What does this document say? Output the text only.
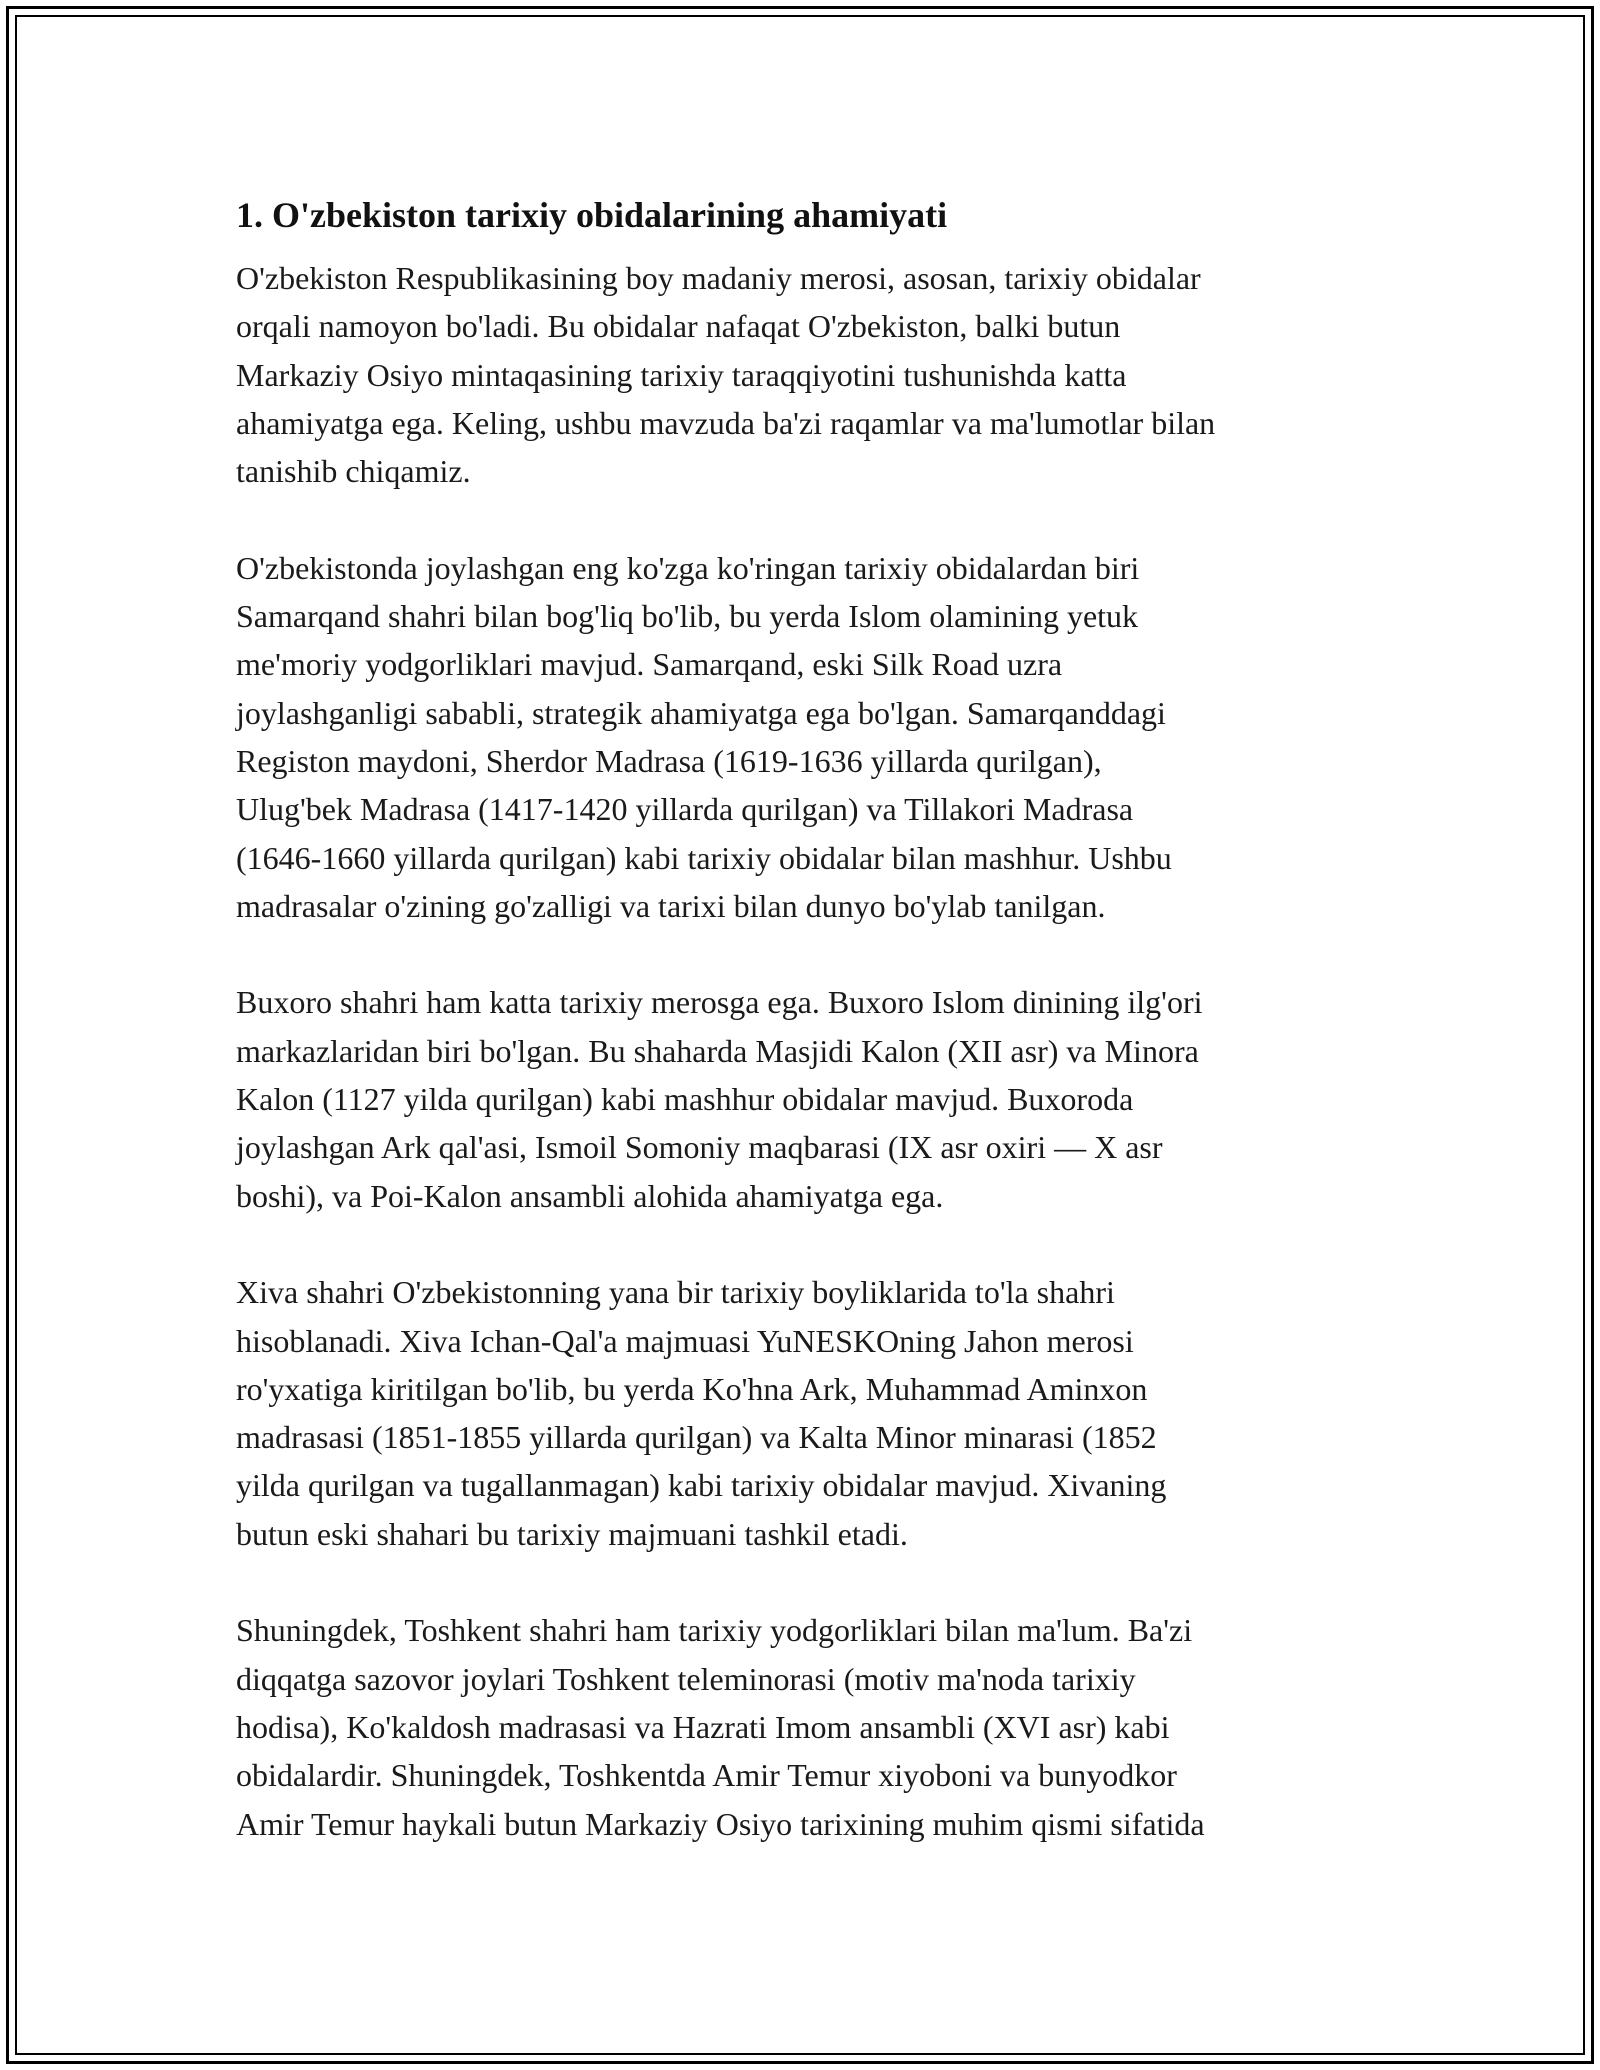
1. O'zbekiston tarixiy obidalarining ahamiyati

O'zbekiston Respublikasining boy madaniy merosi, asosan, tarixiy obidalar
orqali namoyon bo'ladi. Bu obidalar nafaqat O'zbekiston, balki butun
Markaziy Osiyo mintaqasining tarixiy taraqqiyotini tushunishda katta
ahamiyatga ega. Keling, ushbu mavzuda ba'zi raqamlar va ma'lumotlar bilan
tanishib chiqamiz.

O'zbekistonda joylashgan eng ko'zga ko'ringan tarixiy obidalardan biri
Samarqand shahri bilan bog'liq bo'lib, bu yerda Islom olamining yetuk
me'moriy yodgorliklari mavjud. Samarqand, eski Silk Road uzra
joylashganligi sababli, strategik ahamiyatga ega bo'lgan. Samarqanddagi
Registon maydoni, Sherdor Madrasa (1619-1636 yillarda qurilgan),
Ulug'bek Madrasa (1417-1420 yillarda qurilgan) va Tillakori Madrasa
(1646-1660 yillarda qurilgan) kabi tarixiy obidalar bilan mashhur. Ushbu
madrasalar o'zining go'zalligi va tarixi bilan dunyo bo'ylab tanilgan.

Buxoro shahri ham katta tarixiy merosga ega. Buxoro Islom dinining ilg'ori
markazlaridan biri bo'lgan. Bu shaharda Masjidi Kalon (XII asr) va Minora
Kalon (1127 yilda qurilgan) kabi mashhur obidalar mavjud. Buxoroda
joylashgan Ark qal'asi, Ismoil Somoniy maqbarasi (IX asr oxiri — X asr
boshi), va Poi-Kalon ansambli alohida ahamiyatga ega.

Xiva shahri O'zbekistonning yana bir tarixiy boyliklarida to'la shahri
hisoblanadi. Xiva Ichan-Qal'a majmuasi YuNESKOning Jahon merosi
ro'yxatiga kiritilgan bo'lib, bu yerda Ko'hna Ark, Muhammad Aminxon
madrasasi (1851-1855 yillarda qurilgan) va Kalta Minor minarasi (1852
yilda qurilgan va tugallanmagan) kabi tarixiy obidalar mavjud. Xivaning
butun eski shahari bu tarixiy majmuani tashkil etadi.

Shuningdek, Toshkent shahri ham tarixiy yodgorliklari bilan ma'lum. Ba'zi
diqqatga sazovor joylari Toshkent teleminorasi (motiv ma'noda tarixiy
hodisa), Ko'kaldosh madrasasi va Hazrati Imom ansambli (XVI asr) kabi
obidalardir. Shuningdek, Toshkentda Amir Temur xiyoboni va bunyodkor
Amir Temur haykali butun Markaziy Osiyo tarixining muhim qismi sifatida
